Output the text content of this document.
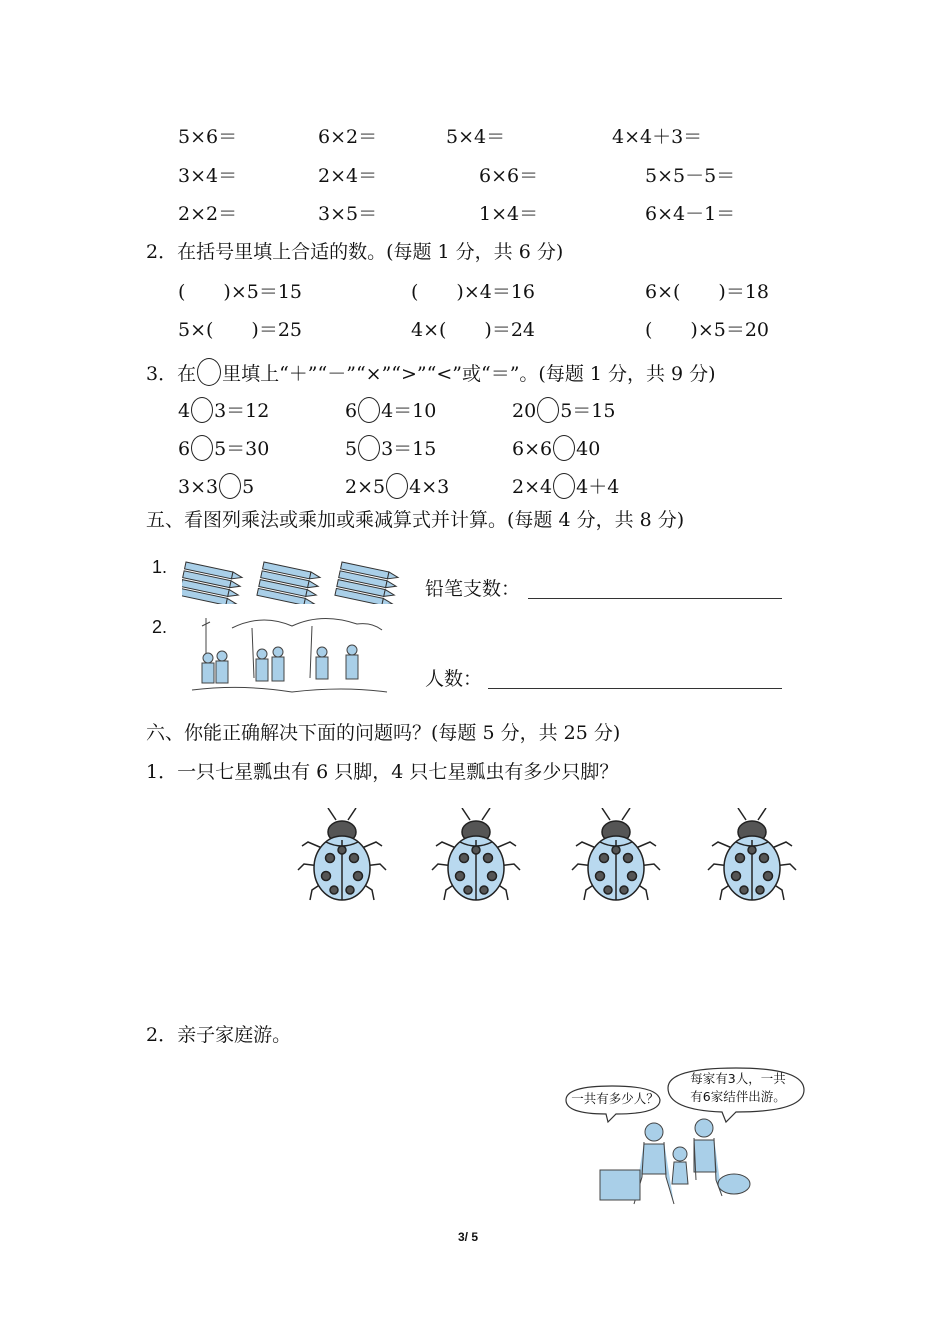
5×6＝	6×2＝	5×4＝	4×4＋3＝
3×4＝	2×4＝	6×6＝	5×5－5＝
2×2＝	3×5＝	1×4＝	6×4－1＝
2．在括号里填上合适的数。(每题 1 分，共 6 分)
(　　)×5＝15	(　　)×4＝16	6×(　　)＝18
5×(　　)＝25	4×(　　)＝24	(　　)×5＝20
3．在 里填上“＋”“－”“×”“>”“<”或“＝”。(每题 1 分，共 9 分)
4 3＝12	6 4＝10	20 5＝15
6 5＝30	5 3＝15	6×6 40
3×3 5	2×5 4×3	2×4 4＋4
五、看图列乘法或乘加或乘减算式并计算。(每题 4 分，共 8 分)
1.
铅笔支数：
2.
人数：
六、你能正确解决下面的问题吗？(每题 5 分，共 25 分)
1．一只七星瓢虫有 6 只脚，4 只七星瓢虫有多少只脚？
2．亲子家庭游。
一共有多少人？
每家有3人，一共
有6家结伴出游。
3/ 5
